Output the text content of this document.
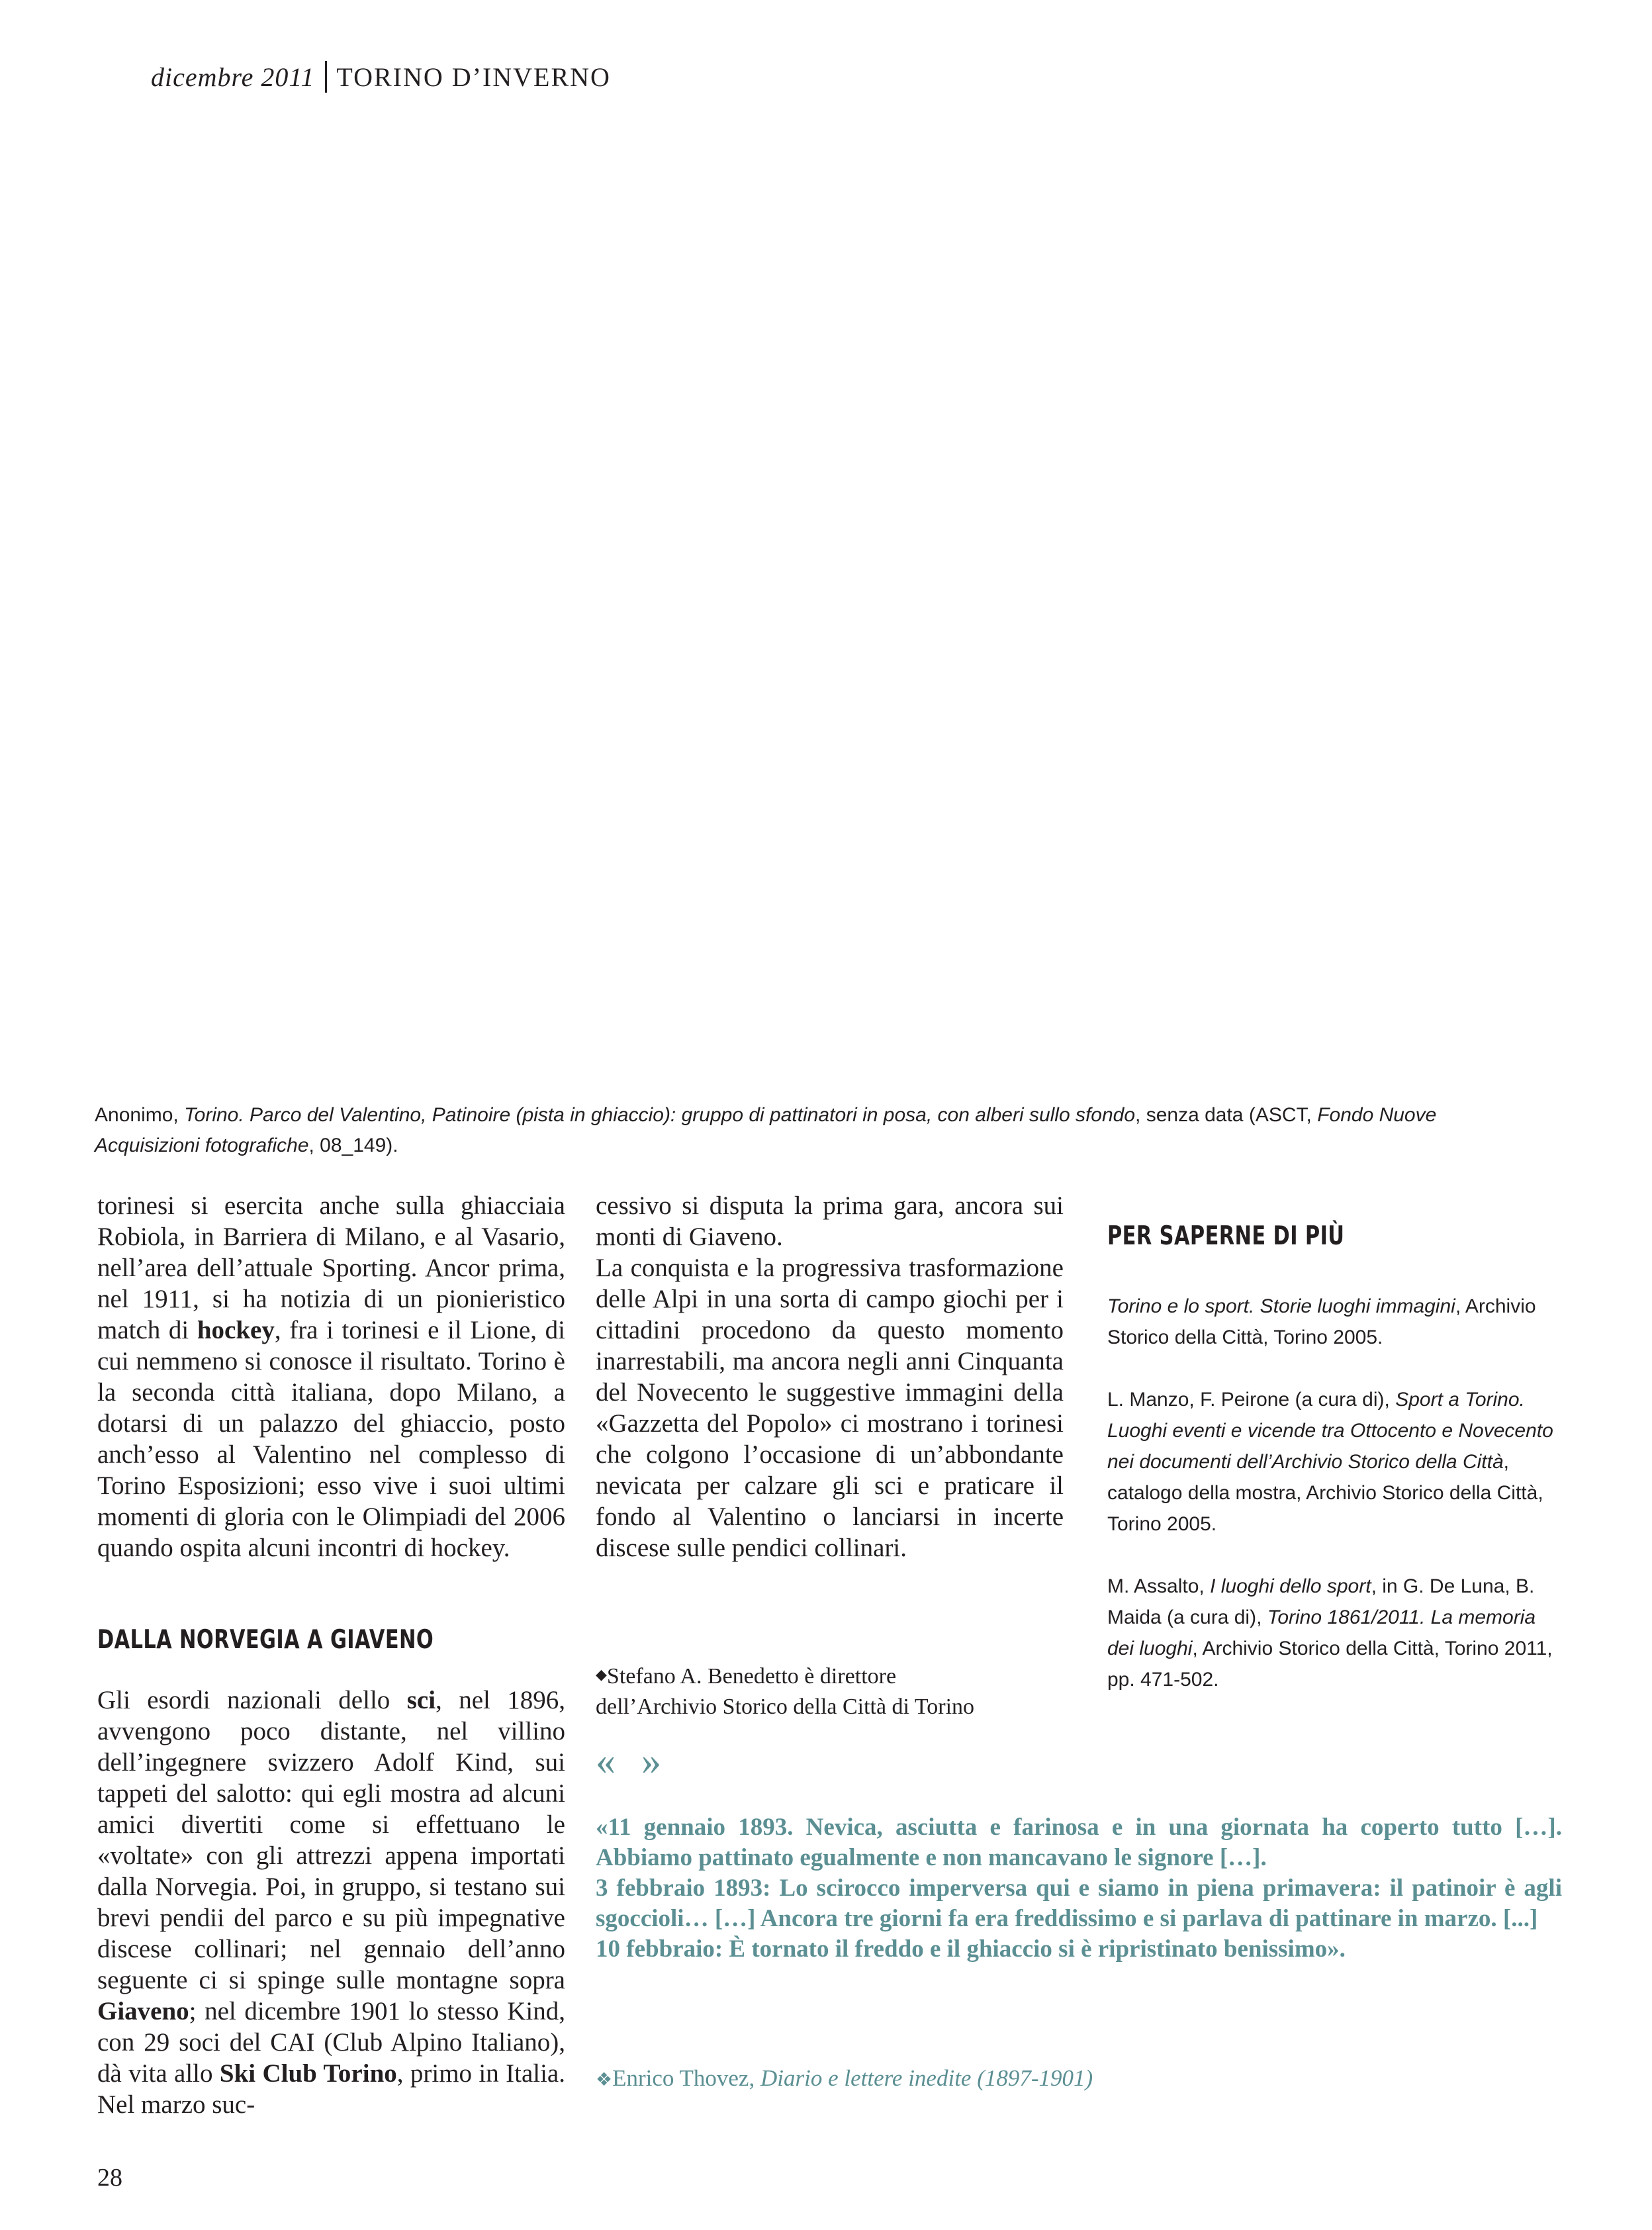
dicembre 2011 TORINO D’INVERNO
Anonimo, Torino. Parco del Valentino, Patinoire (pista in ghiaccio): gruppo di pattinatori in posa, con alberi sullo sfondo, senza data (ASCT, Fondo Nuove Acquisizioni fotografiche, 08_149).

torinesi si esercita anche sulla ghiacciaia Robiola, in Barriera di Milano, e al Vasario, nell’area dell’attuale Sporting. Ancor prima, nel 1911, si ha notizia di un pionieristico match di hockey, fra i torinesi e il Lione, di cui nemmeno si conosce il risultato. Torino è la seconda città italiana, dopo Milano, a dotarsi di un palazzo del ghiaccio, posto anch’esso al Valentino nel complesso di Torino Esposizioni; esso vive i suoi ultimi momenti di gloria con le Olimpiadi del 2006 quando ospita alcuni incontri di hockey.

DALLA NORVEGIA A GIAVENO

Gli esordi nazionali dello sci, nel 1896, avvengono poco distante, nel villino dell’ingegnere svizzero Adolf Kind, sui tappeti del salotto: qui egli mostra ad alcuni amici divertiti come si effettuano le «voltate» con gli attrezzi appena importati dalla Norvegia. Poi, in gruppo, si testano sui brevi pendii del parco e su più impegnative discese collinari; nel gennaio dell’anno seguente ci si spinge sulle montagne sopra Giaveno; nel dicembre 1901 lo stesso Kind, con 29 soci del CAI (Club Alpino Italiano), dà vita allo Ski Club Torino, primo in Italia. Nel marzo suc-

cessivo si disputa la prima gara, ancora sui monti di Giaveno.

La conquista e la progressiva trasformazione delle Alpi in una sorta di campo giochi per i cittadini procedono da questo momento inarrestabili, ma ancora negli anni Cinquanta del Novecento le suggestive immagini della «Gazzetta del Popolo» ci mostrano i torinesi che colgono l’occasione di un’abbondante nevicata per calzare gli sci e praticare il fondo al Valentino o lanciarsi in incerte discese sulle pendici collinari.

◆Stefano A. Benedetto è direttore
dell’Archivio Storico della Città di Torino
PER SAPERNE DI PIÙ

Torino e lo sport. Storie luoghi immagini, Archivio Storico della Città, Torino 2005.

L. Manzo, F. Peirone (a cura di), Sport a Torino. Luoghi eventi e vicende tra Ottocento e Novecento nei documenti dell’Archivio Storico della Città, catalogo della mostra, Archivio Storico della Città, Torino 2005.

M. Assalto, I luoghi dello sport, in G. De Luna, B. Maida (a cura di), Torino 1861/2011. La memoria dei luoghi, Archivio Storico della Città, Torino 2011, pp. 471-502.

« »

«11 gennaio 1893. Nevica, asciutta e farinosa e in una giornata ha coperto tutto […]. Abbiamo pattinato egualmente e non mancavano le signore […].

3 febbraio 1893: Lo scirocco imperversa qui e siamo in piena primavera: il patinoir è agli sgoccioli… […] Ancora tre giorni fa era freddissimo e si parlava di pattinare in marzo. [...]

10 febbraio: È tornato il freddo e il ghiaccio si è ripristinato benissimo».

❖Enrico Thovez, Diario e lettere inedite (1897-1901)
28
